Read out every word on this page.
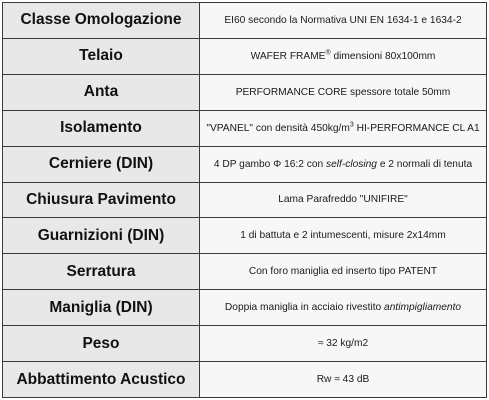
Classe Omologazione	EI60 secondo la Normativa UNI EN 1634-1 e 1634-2
Telaio	WAFER FRAME® dimensioni 80x100mm
Anta	PERFORMANCE CORE spessore totale 50mm
Isolamento	"VPANEL" con densità $450kg/m^3$ HI-PERFORMANCE CL A1
Cerniere (DIN)	4 DP gambo Φ 16:2 con self-closing e 2 normali di tenuta
Chiusura Pavimento	Lama Parafreddo "UNIFIRE"
Guarnizioni (DIN)	1 di battuta e 2 intumescenti, misure 2x14mm
Serratura	Con foro maniglia ed inserto tipo PATENT
Maniglia (DIN)	Doppia maniglia in acciaio rivestito antimpigliamento
Peso	≈ 32 kg/m2
Abbattimento Acustico	Rw ≈ 43 dB
